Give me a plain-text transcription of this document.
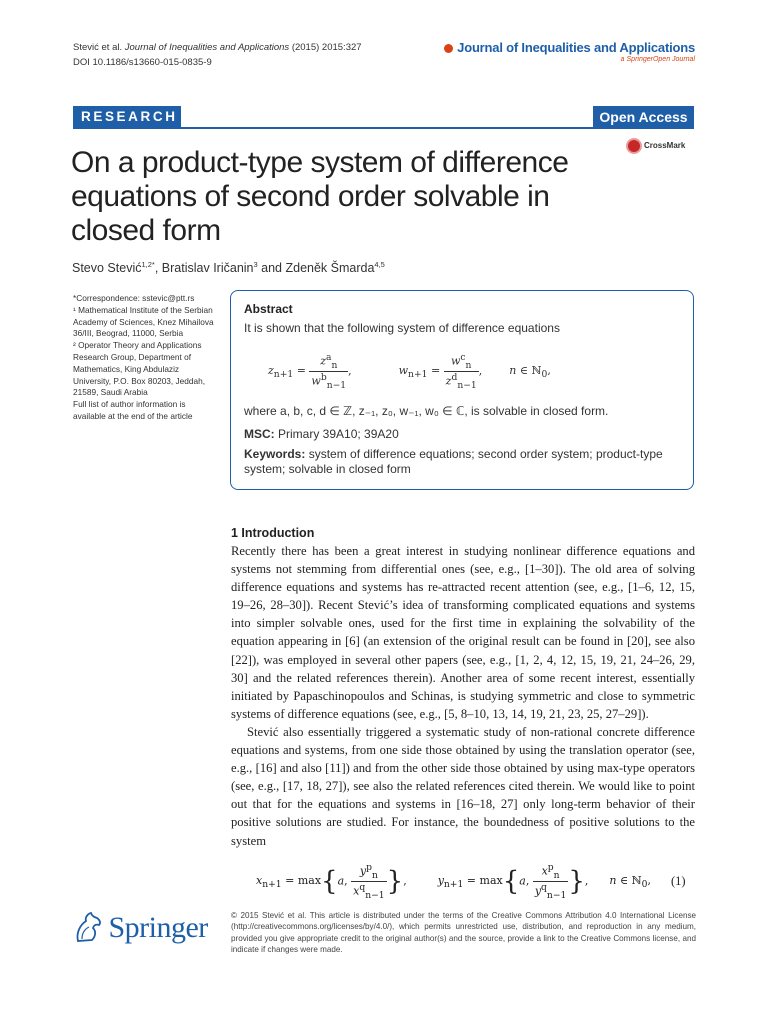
Stević et al. Journal of Inequalities and Applications (2015) 2015:327
DOI 10.1186/s13660-015-0835-9
Journal of Inequalities and Applications
a SpringerOpen Journal
RESEARCH	Open Access
CrossMark
On a product-type system of difference equations of second order solvable in closed form
Stevo Stević$^{1,2*}$, Bratislav Iričanin$^3$ and Zdeněk Šmarda$^{4,5}$

*Correspondence: sstevic@ptt.rs

¹ Mathematical Institute of the Serbian Academy of Sciences, Knez Mihailova 36/III, Beograd, 11000, Serbia

² Operator Theory and Applications Research Group, Department of Mathematics, King Abdulaziz University, P.O. Box 80203, Jeddah, 21589, Saudi Arabia

Full list of author information is available at the end of the article

Abstract
It is shown that the following system of difference equations
$z_{n+1} = \frac{z^a_n}{w^b_{n-1}}$ ,	$w_{n+1} = \frac{w^c_n}{z^d_{n-1}}$ , n ∈ ℕ$_0$,
where a, b, c, d ∈ ℤ, z₋₁, z₀, w₋₁, w₀ ∈ ℂ, is solvable in closed form.
MSC: Primary 39A10; 39A20
Keywords: system of difference equations; second order system; product-type system; solvable in closed form
1 Introduction

Recently there has been a great interest in studying nonlinear difference equations and systems not stemming from differential ones (see, e.g., [1–30]). The old area of solving difference equations and systems has re-attracted recent attention (see, e.g., [1–6, 12, 15, 19–26, 28–30]). Recent Stević’s idea of transforming complicated equations and systems into simpler solvable ones, used for the first time in explaining the solvability of the equation appearing in [6] (an extension of the original result can be found in [20], see also [22]), was employed in several other papers (see, e.g., [1, 2, 4, 12, 15, 19, 21, 24–26, 29, 30] and the related references therein). Another area of some recent interest, essentially initiated by Papaschinopoulos and Schinas, is studying symmetric and close to symmetric systems of difference equations (see, e.g., [5, 8–10, 13, 14, 19, 21, 23, 25, 27–29]).

Stević also essentially triggered a systematic study of non-rational concrete difference equations and systems, from one side those obtained by using the translation operator (see, e.g., [16] and also [11]) and from the other side those obtained by using max-type operators (see, e.g., [17, 18, 27]), see also the related references cited therein. We would like to point out that for the equations and systems in [16–18, 27] only long-term behavior of their positive solutions are studied. For instance, the boundedness of positive solutions to the system

$x_{n+1} = \max\{a$, $\frac{y^p_n}{x^q_{n-1}}$ },	$y_{n+1} = \max\{a$, $\frac{x^p_n}{y^q_{n-1}}$ }, n ∈ ℕ$_0$,	(1)
Springer	© 2015 Stević et al. This article is distributed under the terms of the Creative Commons Attribution 4.0 International License (http://creativecommons.org/licenses/by/4.0/), which permits unrestricted use, distribution, and reproduction in any medium, provided you give appropriate credit to the original author(s) and the source, provide a link to the Creative Commons license, and indicate if changes were made.
